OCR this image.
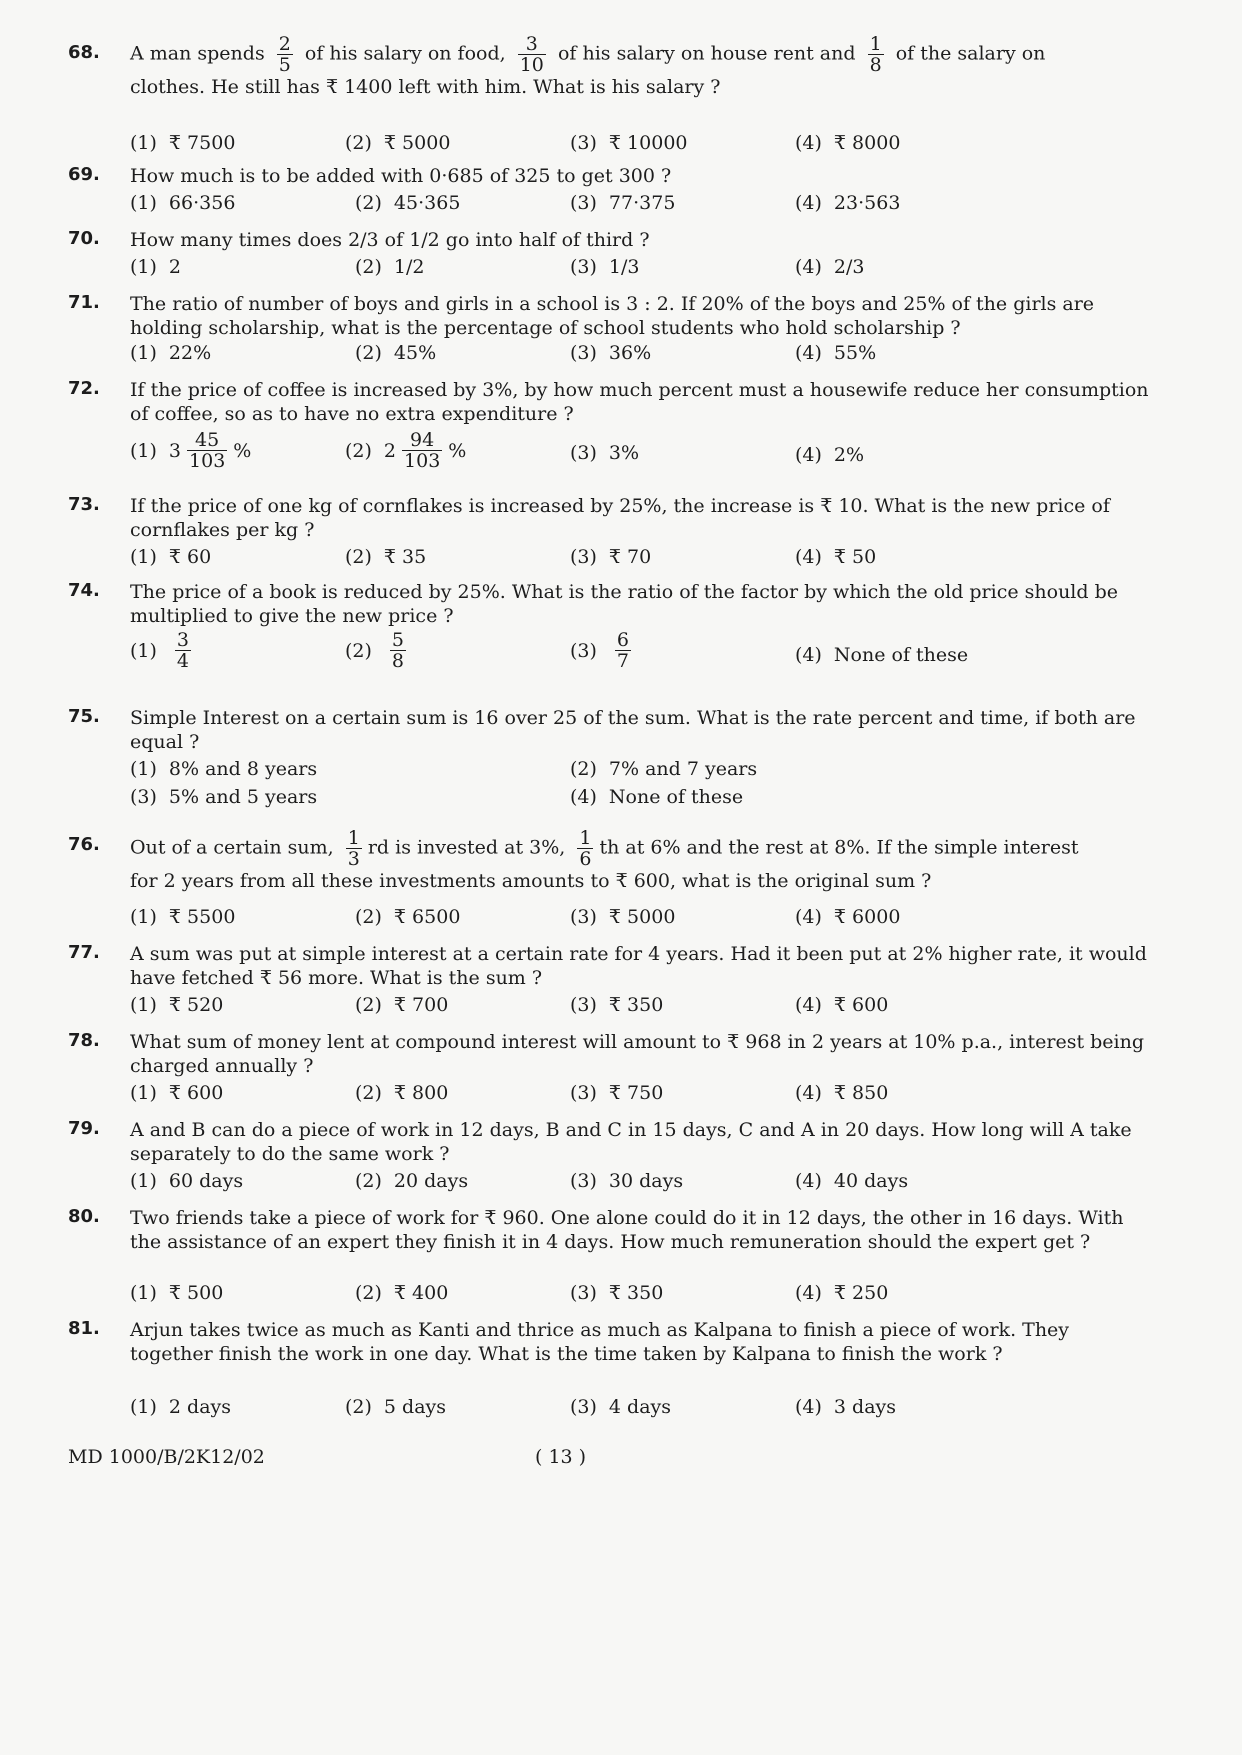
68. A man spends $\frac{2}{5}$ of his salary on food, $\frac{3}{10}$ of his salary on house rent and $\frac{1}{8}$ of the salary on
clothes. He still has ₹ 1400 left with him. What is his salary ?
(1) ₹ 7500	(2) ₹ 5000	(3) ₹ 10000	(4) ₹ 8000
69. How much is to be added with 0·685 of 325 to get 300 ?
(1) 66·356	(2) 45·365	(3) 77·375	(4) 23·563
70. How many times does 2/3 of 1/2 go into half of third ?
(1) 2	(2) 1/2	(3) 1/3	(4) 2/3
71. The ratio of number of boys and girls in a school is 3 : 2. If 20% of the boys and 25% of the girls are holding scholarship, what is the percentage of school students who hold scholarship ?
(1) 22%	(2) 45%	(3) 36%	(4) 55%
72. If the price of coffee is increased by 3%, by how much percent must a housewife reduce her consumption of coffee, so as to have no extra expenditure ?
(1) $3 \frac{45}{103}$ %	(2) $2 \frac{94}{103}$ %	(3) 3%	(4) 2%
73. If the price of one kg of cornflakes is increased by 25%, the increase is ₹ 10. What is the new price of cornflakes per kg ?
(1) ₹ 60	(2) ₹ 35	(3) ₹ 70	(4) ₹ 50
74. The price of a book is reduced by 25%. What is the ratio of the factor by which the old price should be multiplied to give the new price ?
$(1) \frac{3}{4}$	$(2) \frac{5}{8}$	$(3) \frac{6}{7}$	(4) None of these
75. Simple Interest on a certain sum is 16 over 25 of the sum. What is the rate percent and time, if both are equal ?
(1) 8% and 8 years	(2) 7% and 7 years
(3) 5% and 5 years	(4) None of these
76. Out of a certain sum, $\frac{1}{3}$ rd is invested at 3%, $\frac{1}{6}$ th at 6% and the rest at 8%. If the simple interest
for 2 years from all these investments amounts to ₹ 600, what is the original sum ?
(1) ₹ 5500	(2) ₹ 6500	(3) ₹ 5000	(4) ₹ 6000
77. A sum was put at simple interest at a certain rate for 4 years. Had it been put at 2% higher rate, it would have fetched ₹ 56 more. What is the sum ?
(1) ₹ 520	(2) ₹ 700	(3) ₹ 350	(4) ₹ 600
78. What sum of money lent at compound interest will amount to ₹ 968 in 2 years at 10% p.a., interest being charged annually ?
(1) ₹ 600	(2) ₹ 800	(3) ₹ 750	(4) ₹ 850
79. A and B can do a piece of work in 12 days, B and C in 15 days, C and A in 20 days. How long will A take separately to do the same work ?
(1) 60 days	(2) 20 days	(3) 30 days	(4) 40 days
80. Two friends take a piece of work for ₹ 960. One alone could do it in 12 days, the other in 16 days. With the assistance of an expert they finish it in 4 days. How much remuneration should the expert get ?
(1) ₹ 500	(2) ₹ 400	(3) ₹ 350	(4) ₹ 250
81. Arjun takes twice as much as Kanti and thrice as much as Kalpana to finish a piece of work. They together finish the work in one day. What is the time taken by Kalpana to finish the work ?
(1) 2 days	(2) 5 days	(3) 4 days	(4) 3 days
MD 1000/B/2K12/02	( 13 )
